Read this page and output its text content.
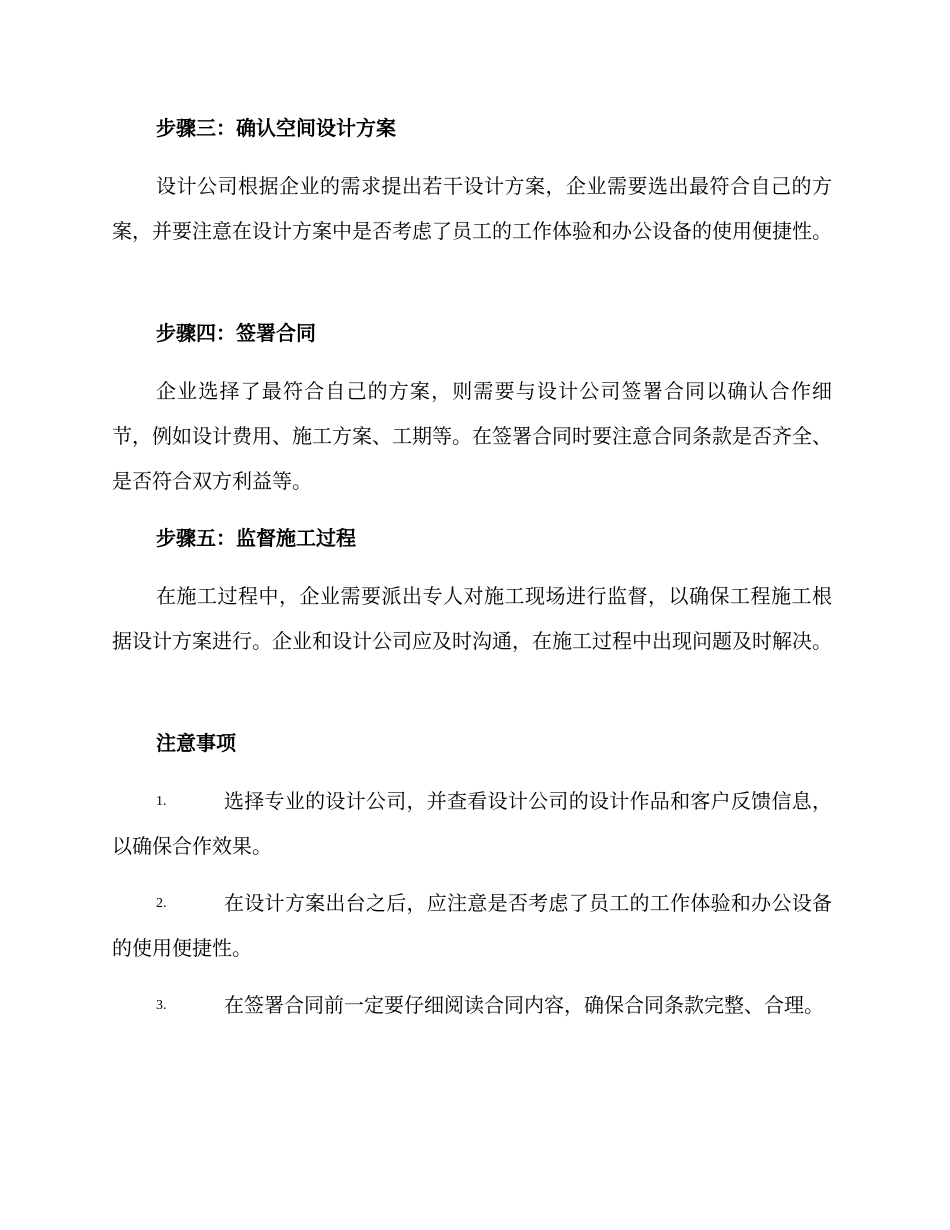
步骤三：确认空间设计方案

设计公司根据企业的需求提出若干设计方案，企业需要选出最符合自己的方案，并要注意在设计方案中是否考虑了员工的工作体验和办公设备的使用便捷性。

步骤四：签署合同

企业选择了最符合自己的方案，则需要与设计公司签署合同以确认合作细节，例如设计费用、施工方案、工期等。在签署合同时要注意合同条款是否齐全、是否符合双方利益等。

步骤五：监督施工过程

在施工过程中，企业需要派出专人对施工现场进行监督，以确保工程施工根据设计方案进行。企业和设计公司应及时沟通，在施工过程中出现问题及时解决。

注意事项
1.	选择专业的设计公司，并查看设计公司的设计作品和客户反馈信息，以确保合作效果。
2.	在设计方案出台之后，应注意是否考虑了员工的工作体验和办公设备的使用便捷性。
3.	在签署合同前一定要仔细阅读合同内容，确保合同条款完整、合理。
